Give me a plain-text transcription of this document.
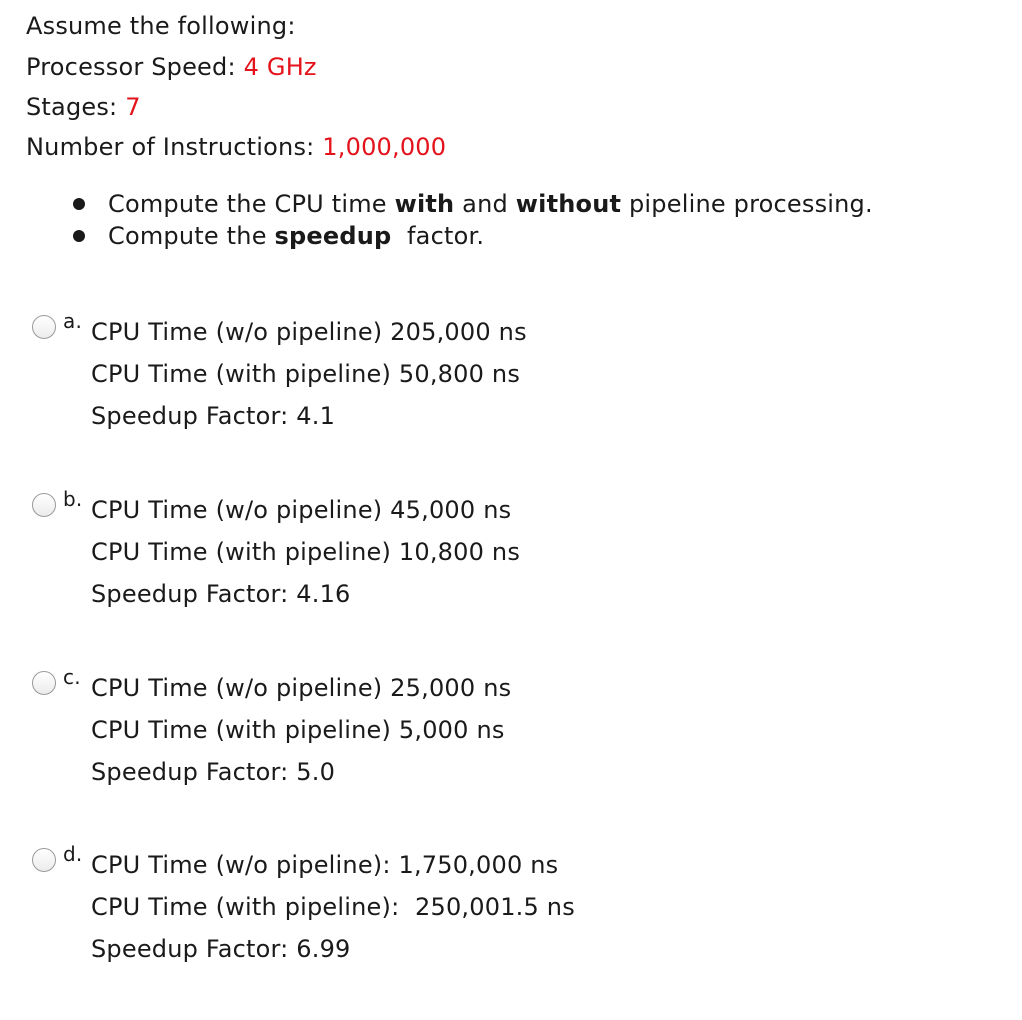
Assume the following:
Processor Speed: 4 GHz
Stages: 7
Number of Instructions: 1,000,000
Compute the CPU time with and without pipeline processing.
Compute the speedup  factor.
a. CPU Time (w/o pipeline) 205,000 ns
CPU Time (with pipeline) 50,800 ns
Speedup Factor: 4.1
b. CPU Time (w/o pipeline) 45,000 ns
CPU Time (with pipeline) 10,800 ns
Speedup Factor: 4.16
c. CPU Time (w/o pipeline) 25,000 ns
CPU Time (with pipeline) 5,000 ns
Speedup Factor: 5.0
d. CPU Time (w/o pipeline): 1,750,000 ns
CPU Time (with pipeline):  250,001.5 ns
Speedup Factor: 6.99
